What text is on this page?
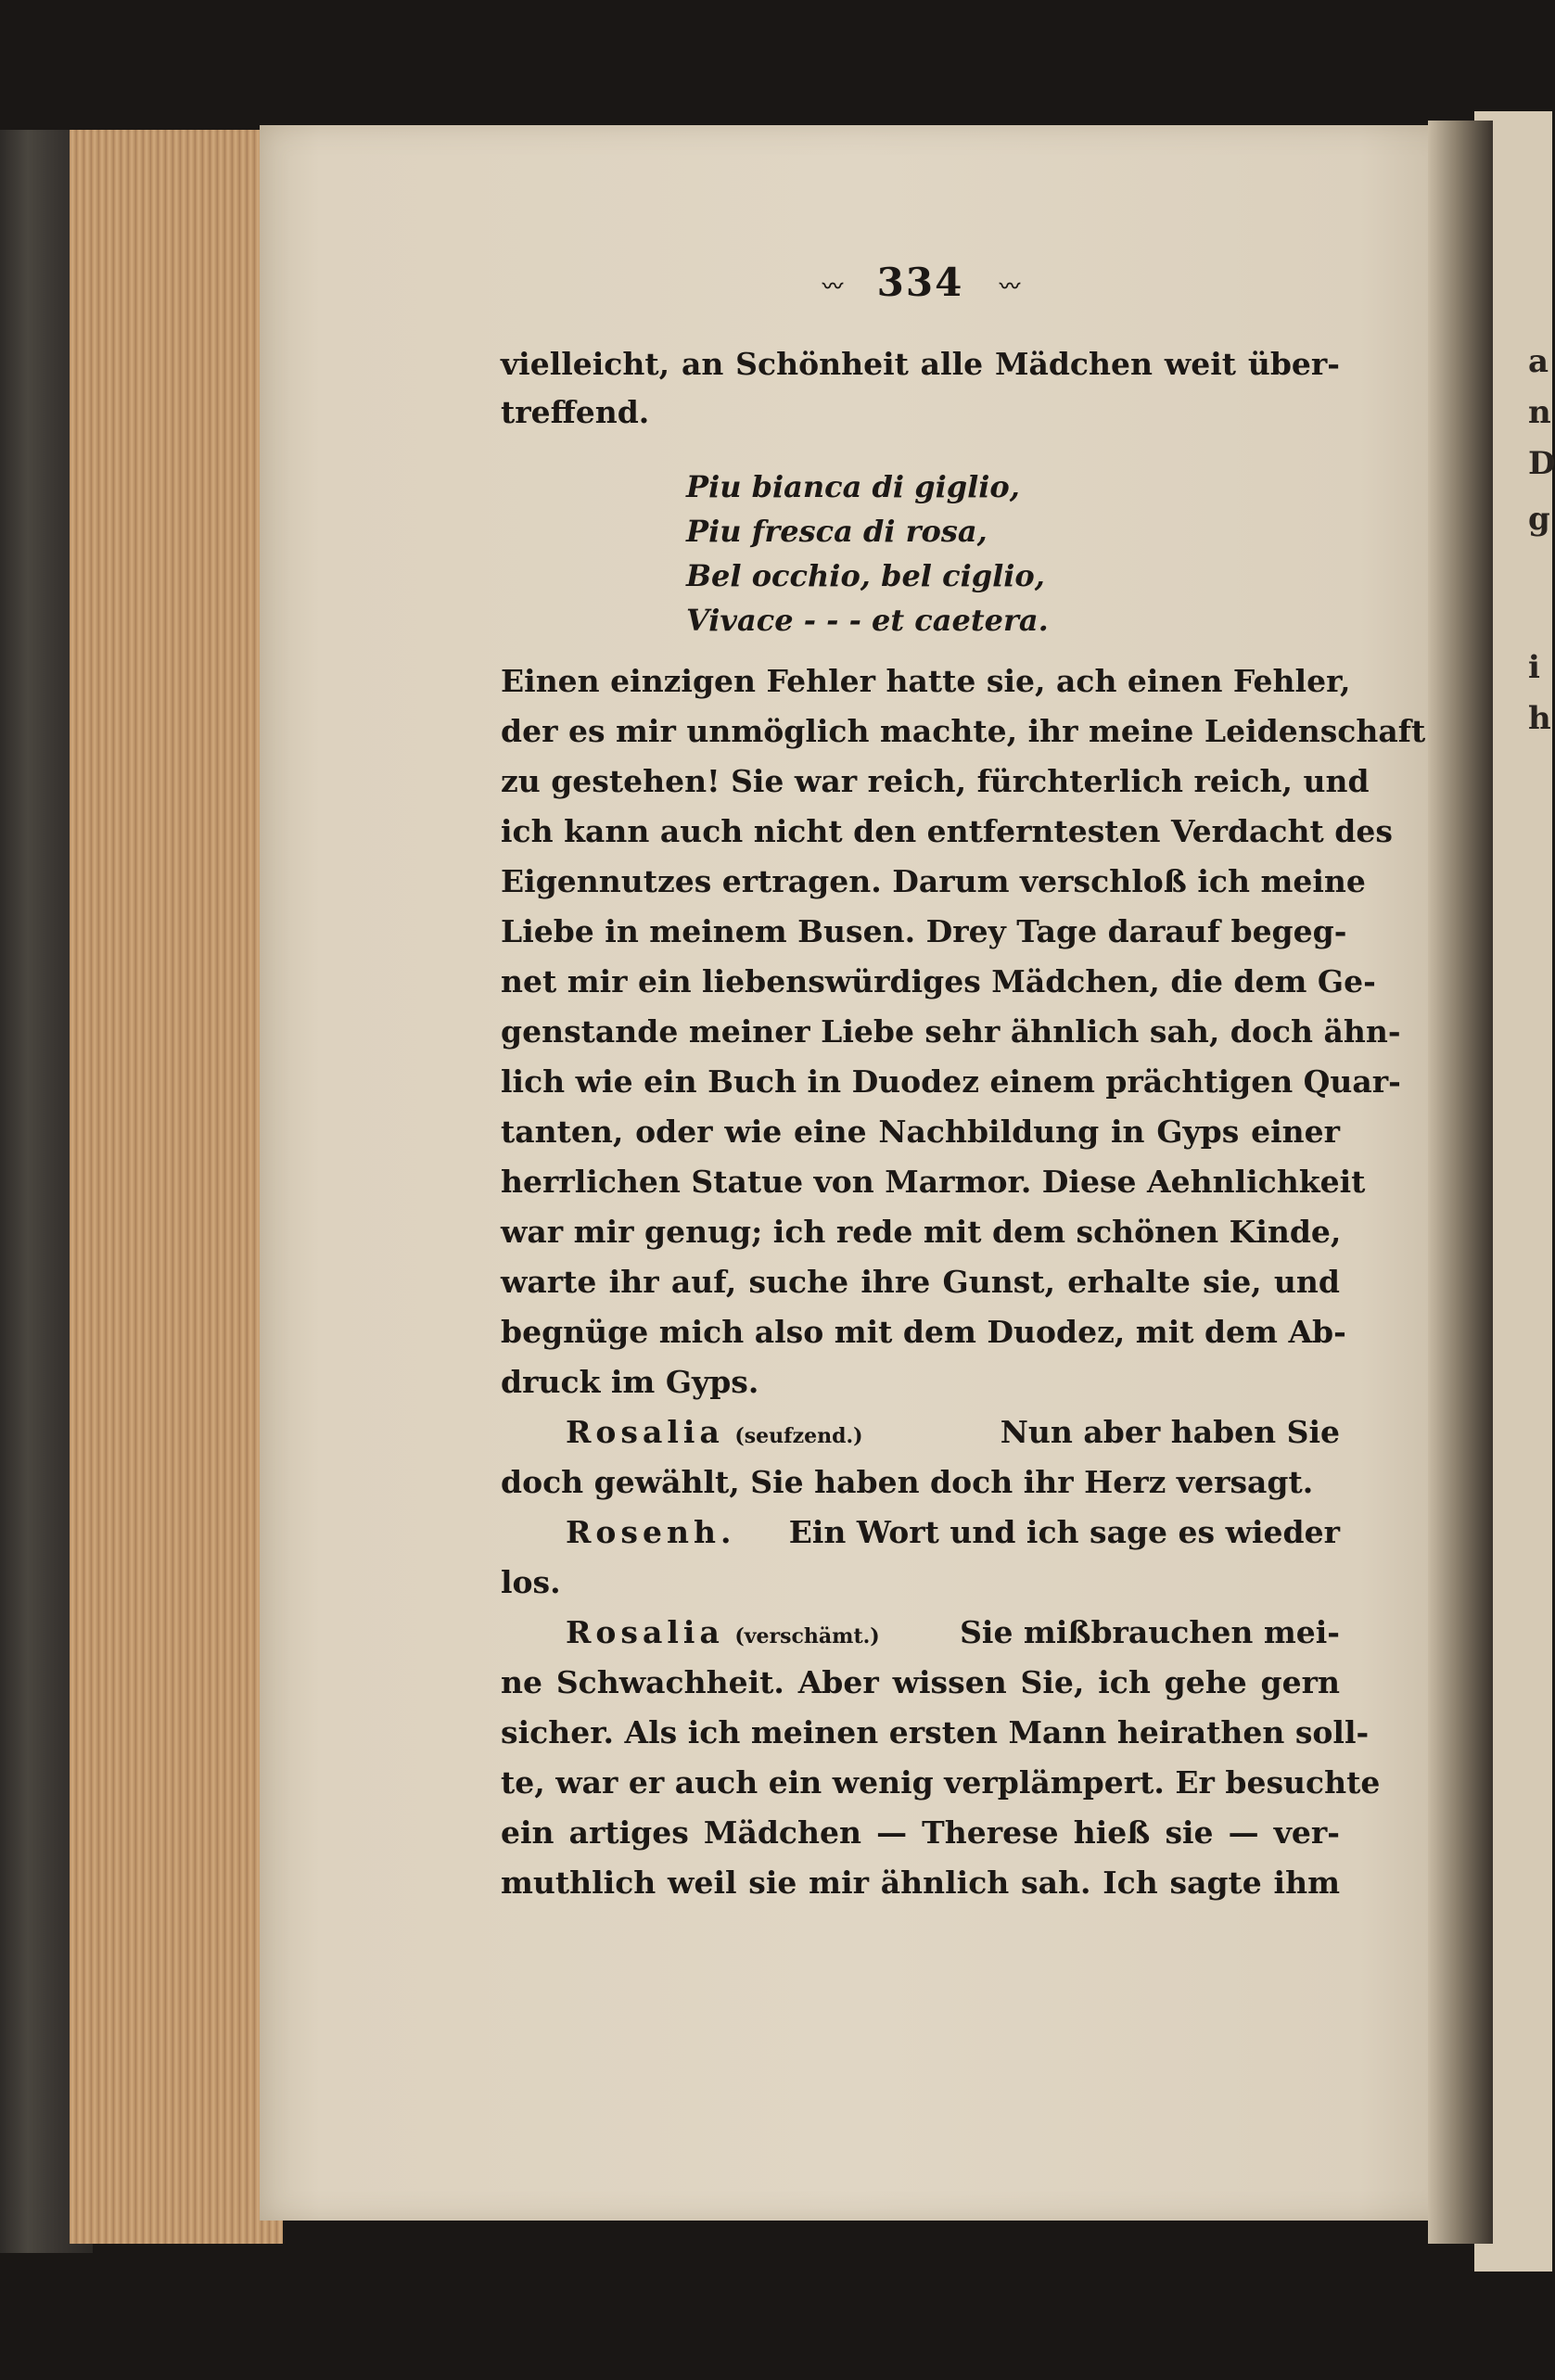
a
n
D
g
i
h
〰 334 〰
vielleicht, an Schönheit alle Mädchen weit über-
treffend.
Piu bianca di giglio,
Piu fresca di rosa,
Bel occhio, bel ciglio,
Vivace - - - et caetera.
Einen einzigen Fehler hatte sie, ach einen Fehler,
der es mir unmöglich machte, ihr meine Leidenschaft
zu gestehen! Sie war reich, fürchterlich reich, und
ich kann auch nicht den entferntesten Verdacht des
Eigennutzes ertragen. Darum verschloß ich meine
Liebe in meinem Busen. Drey Tage darauf begeg-
net mir ein liebenswürdiges Mädchen, die dem Ge-
genstande meiner Liebe sehr ähnlich sah, doch ähn-
lich wie ein Buch in Duodez einem prächtigen Quar-
tanten, oder wie eine Nachbildung in Gyps einer
herrlichen Statue von Marmor. Diese Aehnlichkeit
war mir genug; ich rede mit dem schönen Kinde,
warte ihr auf, suche ihre Gunst, erhalte sie, und
begnüge mich also mit dem Duodez, mit dem Ab-
druck im Gyps.
Rosalia (seufzend.)	Nun aber haben Sie
doch gewählt, Sie haben doch ihr Herz versagt.
Rosenh. Ein Wort und ich sage es wieder
los.
Rosalia (verschämt.)	Sie mißbrauchen mei-
ne Schwachheit. Aber wissen Sie, ich gehe gern
sicher. Als ich meinen ersten Mann heirathen soll-
te, war er auch ein wenig verplämpert. Er besuchte
ein artiges Mädchen — Therese hieß sie — ver-
muthlich weil sie mir ähnlich sah. Ich sagte ihm
